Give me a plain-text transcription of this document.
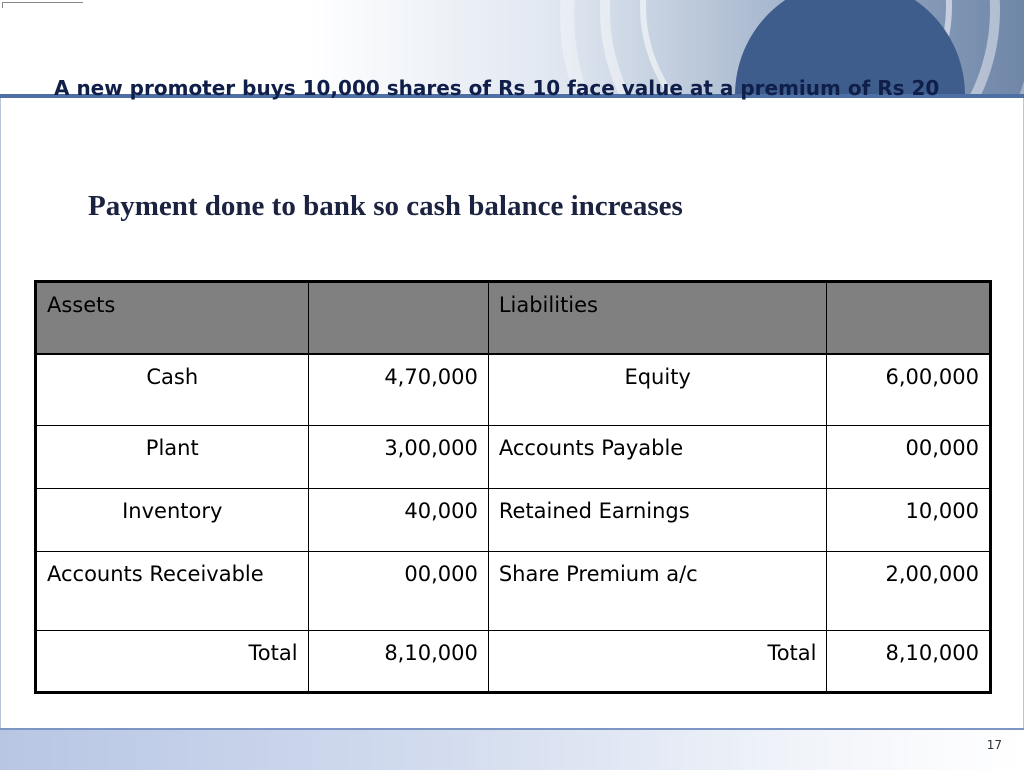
A new promoter buys 10,000 shares of Rs 10 face value at a premium of Rs 20

Payment done to bank so cash balance increases

Assets		Liabilities	
Cash	4,70,000	Equity	6,00,000
Plant	3,00,000	Accounts Payable	00,000
Inventory	40,000	Retained Earnings	10,000
Accounts Receivable	00,000	Share Premium a/c	2,00,000
Total	8,10,000	Total	8,10,000
17
